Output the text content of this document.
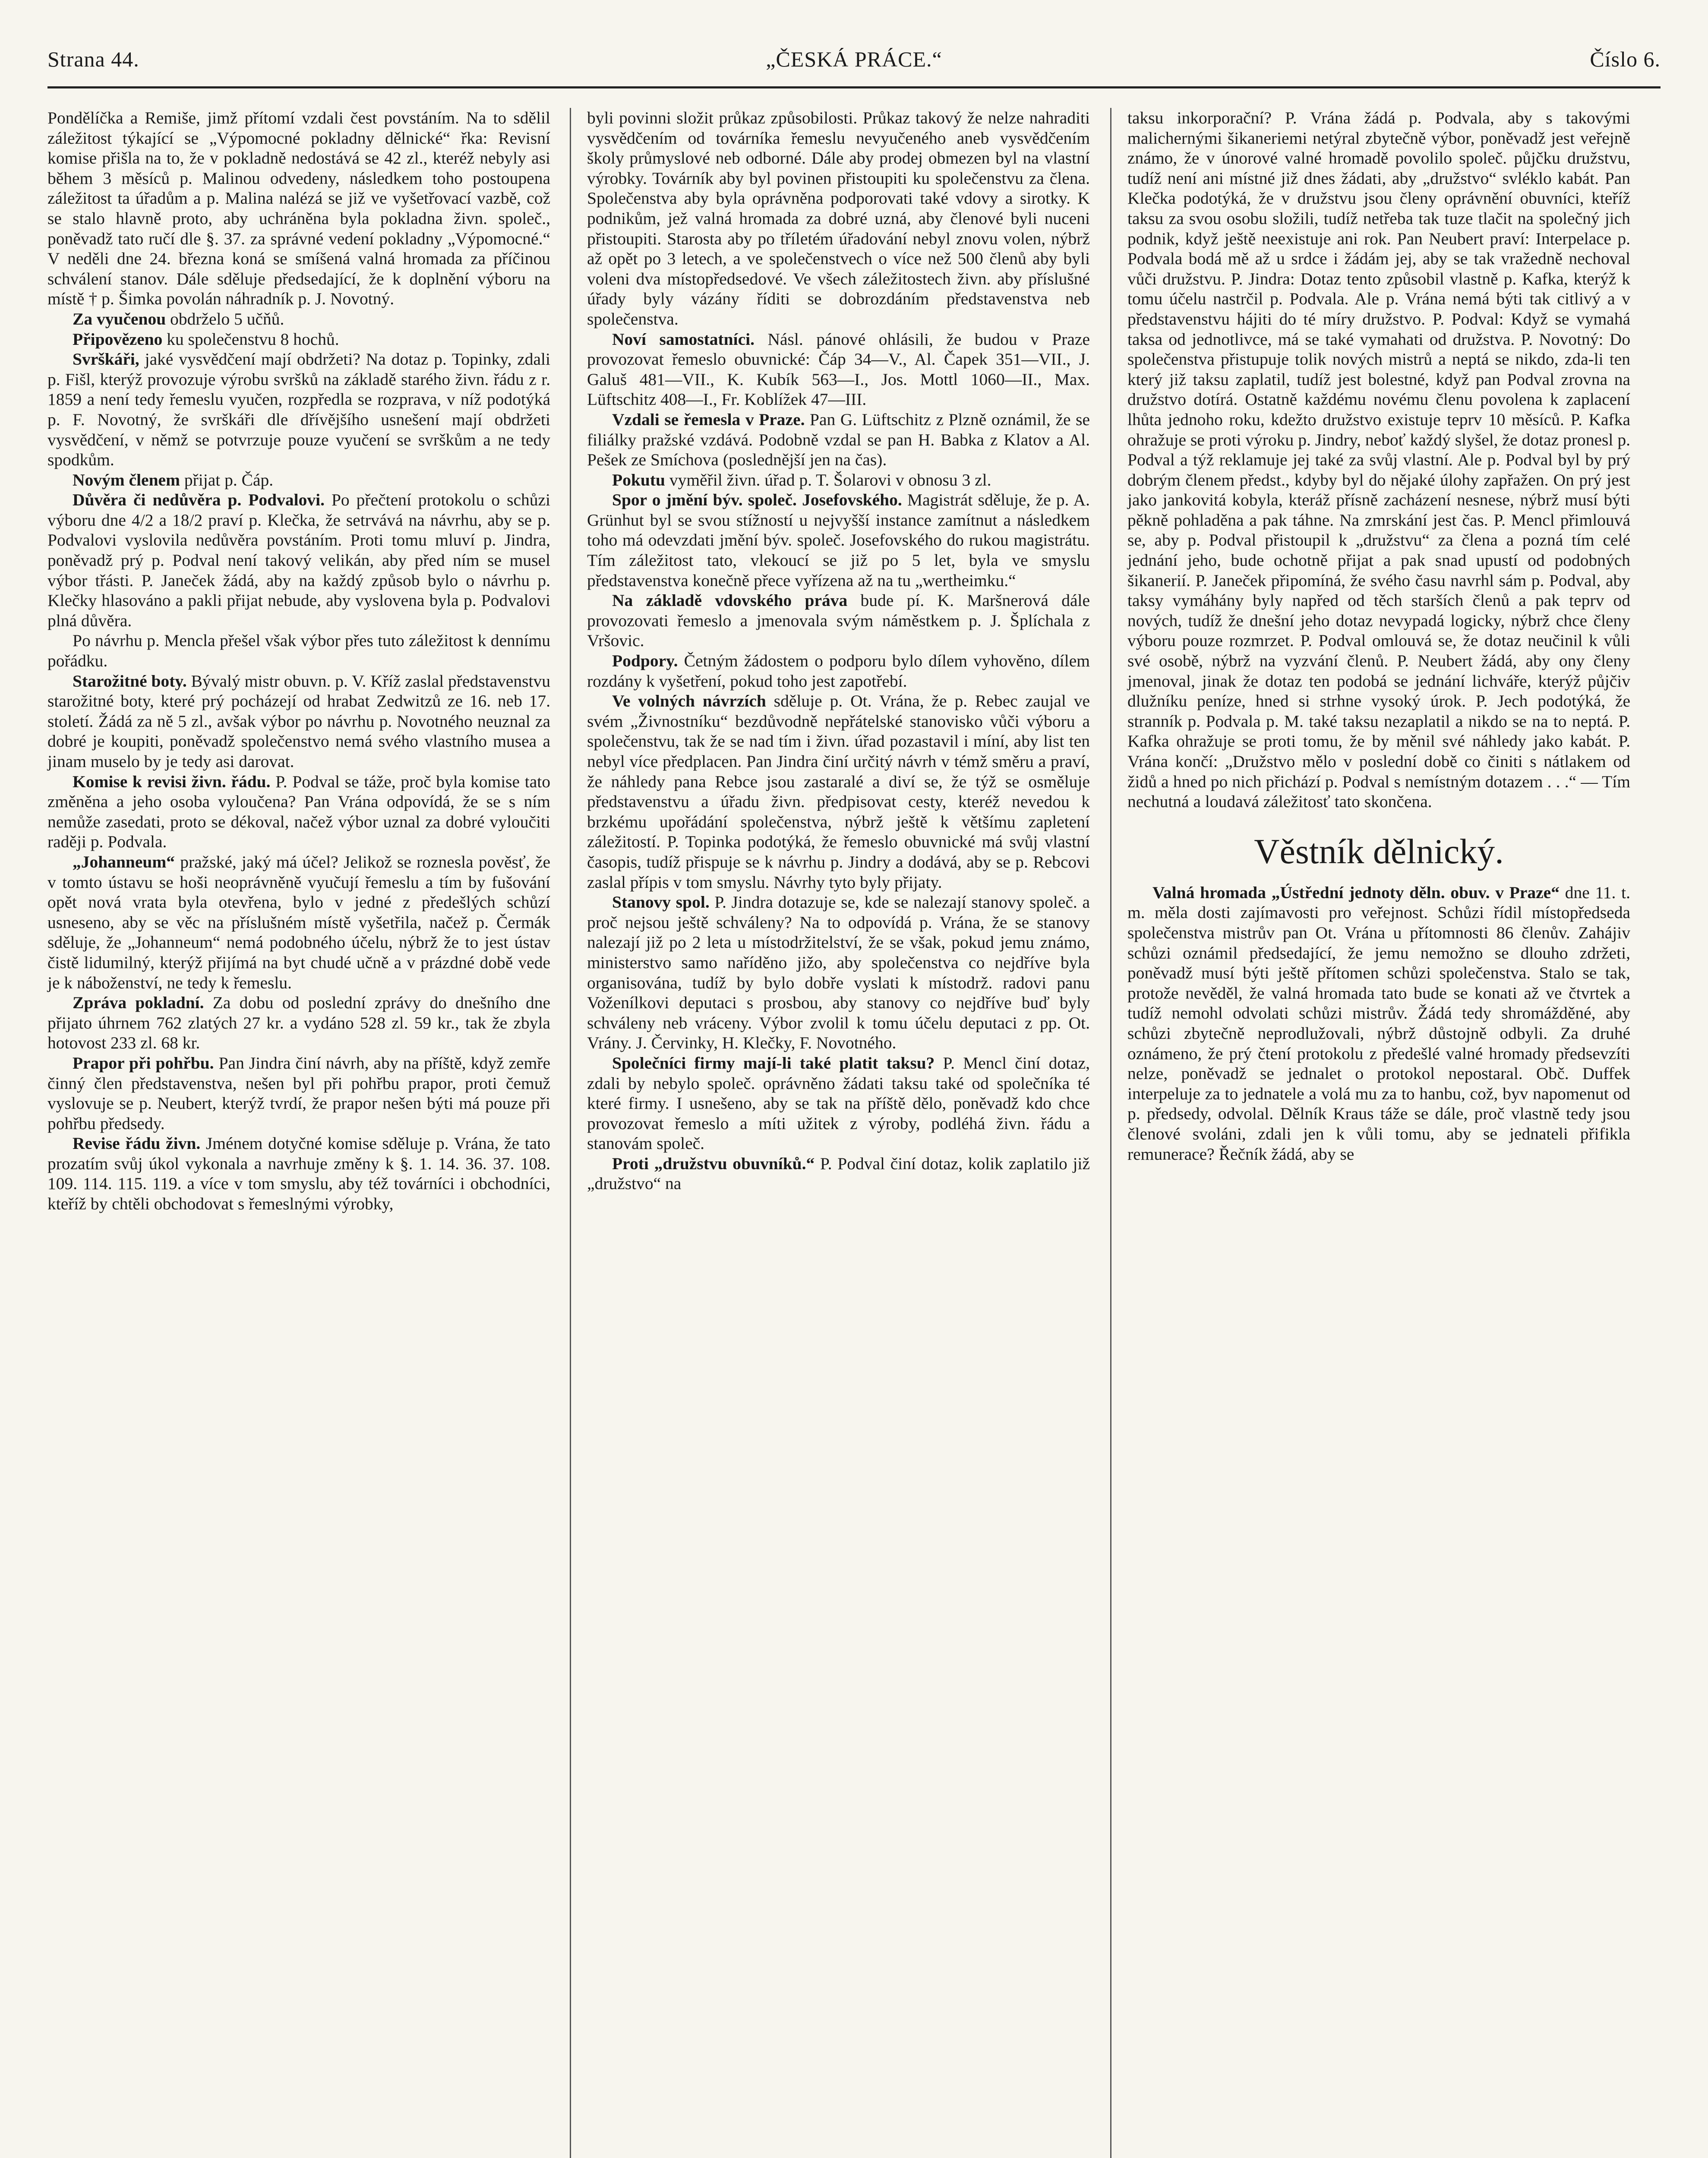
Strana 44.	„ČESKÁ PRÁCE.“	Číslo 6.

Pondělíčka a Remiše, jimž přítomí vzdali čest povstáním. Na to sdělil záležitost týkající se „Výpomocné pokladny dělnické“ řka: Revisní komise přišla na to, že v pokladně nedostává se 42 zl., kteréž nebyly asi během 3 měsíců p. Malinou odvedeny, následkem toho postoupena záležitost ta úřadům a p. Malina nalézá se již ve vyšetřovací vazbě, což se stalo hlavně proto, aby uchráněna byla pokladna živn. společ., poněvadž tato ručí dle §. 37. za správné vedení pokladny „Výpomocné.“ V neděli dne 24. března koná se smíšená valná hromada za příčinou schválení stanov. Dále sděluje předsedající, že k doplnění výboru na místě † p. Šimka povolán náhradník p. J. Novotný.

Za vyučenou obdrželo 5 učňů.

Připovězeno ku společenstvu 8 hochů.

Svrškáři, jaké vysvědčení mají obdržeti? Na dotaz p. Topinky, zdali p. Fišl, kterýž provozuje výrobu svršků na základě starého živn. řádu z r. 1859 a není tedy řemeslu vyučen, rozpředla se rozprava, v níž podotýká p. F. Novotný, že svrškáři dle dřívějšího usnešení mají obdržeti vysvědčení, v němž se potvrzuje pouze vyučení se svrškům a ne tedy spodkům.

Novým členem přijat p. Čáp.

Důvěra či nedůvěra p. Podvalovi. Po přečtení protokolu o schůzi výboru dne 4/2 a 18/2 praví p. Klečka, že setrvává na návrhu, aby se p. Podvalovi vyslovila nedůvěra povstáním. Proti tomu mluví p. Jindra, poněvadž prý p. Podval není takový velikán, aby před ním se musel výbor třásti. P. Janeček žádá, aby na každý způsob bylo o návrhu p. Klečky hlasováno a pakli přijat nebude, aby vyslovena byla p. Podvalovi plná důvěra.

Po návrhu p. Mencla přešel však výbor přes tuto záležitost k dennímu pořádku.

Starožitné boty. Bývalý mistr obuvn. p. V. Kříž zaslal představenstvu starožitné boty, které prý pocházejí od hrabat Zedwitzů ze 16. neb 17. století. Žádá za ně 5 zl., avšak výbor po návrhu p. Novotného neuznal za dobré je koupiti, poněvadž společenstvo nemá svého vlastního musea a jinam muselo by je tedy asi darovat.

Komise k revisi živn. řádu. P. Podval se táže, proč byla komise tato změněna a jeho osoba vyloučena? Pan Vrána odpovídá, že se s ním nemůže zasedati, proto se dékoval, načež výbor uznal za dobré vyloučiti raději p. Podvala.

„Johanneum“ pražské, jaký má účel? Jelikož se roznesla pověsť, že v tomto ústavu se hoši neoprávněně vyučují řemeslu a tím by fušování opět nová vrata byla otevřena, bylo v jedné z předešlých schůzí usneseno, aby se věc na příslušném místě vyšetřila, načež p. Čermák sděluje, že „Johanneum“ nemá podobného účelu, nýbrž že to jest ústav čistě lidumilný, kterýž přijímá na byt chudé učně a v prázdné době vede je k náboženství, ne tedy k řemeslu.

Zpráva pokladní. Za dobu od poslední zprávy do dnešního dne přijato úhrnem 762 zlatých 27 kr. a vydáno 528 zl. 59 kr., tak že zbyla hotovost 233 zl. 68 kr.

Prapor při pohřbu. Pan Jindra činí návrh, aby na příště, když zemře činný člen představenstva, nešen byl při pohřbu prapor, proti čemuž vyslovuje se p. Neubert, kterýž tvrdí, že prapor nešen býti má pouze při pohřbu předsedy.

Revise řádu živn. Jménem dotyčné komise sděluje p. Vrána, že tato prozatím svůj úkol vykonala a navrhuje změny k §. 1. 14. 36. 37. 108. 109. 114. 115. 119. a více v tom smyslu, aby též továrníci i obchodníci, kteříž by chtěli obchodovat s řemeslnými výrobky,

byli povinni složit průkaz způsobilosti. Průkaz takový že nelze nahraditi vysvědčením od továrníka řemeslu nevyučeného aneb vysvědčením školy průmyslové neb odborné. Dále aby prodej obmezen byl na vlastní výrobky. Továrník aby byl povinen přistoupiti ku společenstvu za člena. Společenstva aby byla oprávněna podporovati také vdovy a sirotky. K podnikům, jež valná hromada za dobré uzná, aby členové byli nuceni přistoupiti. Starosta aby po tříletém úřadování nebyl znovu volen, nýbrž až opět po 3 letech, a ve společenstvech o více než 500 členů aby byli voleni dva místopředsedové. Ve všech záležitostech živn. aby příslušné úřady byly vázány říditi se dobrozdáním představenstva neb společenstva.

Noví samostatníci. Násl. pánové ohlásili, že budou v Praze provozovat řemeslo obuvnické: Čáp 34—V., Al. Čapek 351—VII., J. Galuš 481—VII., K. Kubík 563—I., Jos. Mottl 1060—II., Max. Lüftschitz 408—I., Fr. Koblížek 47—III.

Vzdali se řemesla v Praze. Pan G. Lüftschitz z Plzně oznámil, že se filiálky pražské vzdává. Podobně vzdal se pan H. Babka z Klatov a Al. Pešek ze Smíchova (poslednější jen na čas).

Pokutu vyměřil živn. úřad p. T. Šolarovi v obnosu 3 zl.

Spor o jmění býv. společ. Josefovského. Magistrát sděluje, že p. A. Grünhut byl se svou stížností u nejvyšší instance zamítnut a následkem toho má odevzdati jmění býv. společ. Josefovského do rukou magistrátu. Tím záležitost tato, vlekoucí se již po 5 let, byla ve smyslu představenstva konečně přece vyřízena až na tu „wertheimku.“

Na základě vdovského práva bude pí. K. Maršnerová dále provozovati řemeslo a jmenovala svým náměstkem p. J. Šplíchala z Vršovic.

Podpory. Četným žádostem o podporu bylo dílem vyhověno, dílem rozdány k vyšetření, pokud toho jest zapotřebí.

Ve volných návrzích sděluje p. Ot. Vrána, že p. Rebec zaujal ve svém „Živnostníku“ bezdůvodně nepřátelské stanovisko vůči výboru a společenstvu, tak že se nad tím i živn. úřad pozastavil i míní, aby list ten nebyl více předplacen. Pan Jindra činí určitý návrh v témž směru a praví, že náhledy pana Rebce jsou zastaralé a diví se, že týž se osměluje představenstvu a úřadu živn. předpisovat cesty, kteréž nevedou k brzkému upořádání společenstva, nýbrž ještě k většímu zapletení záležitostí. P. Topinka podotýká, že řemeslo obuvnické má svůj vlastní časopis, tudíž přispuje se k návrhu p. Jindry a dodává, aby se p. Rebcovi zaslal přípis v tom smyslu. Návrhy tyto byly přijaty.

Stanovy spol. P. Jindra dotazuje se, kde se nalezají stanovy společ. a proč nejsou ještě schváleny? Na to odpovídá p. Vrána, že se stanovy nalezají již po 2 leta u místodržitelství, že se však, pokud jemu známo, ministerstvo samo naříděno jižo, aby společenstva co nejdříve byla organisována, tudíž by bylo dobře vyslati k místodrž. radovi panu Voženílkovi deputaci s prosbou, aby stanovy co nejdříve buď byly schváleny neb vráceny. Výbor zvolil k tomu účelu deputaci z pp. Ot. Vrány. J. Červinky, H. Klečky, F. Novotného.

Společníci firmy mají-li také platit taksu? P. Mencl činí dotaz, zdali by nebylo společ. oprávněno žádati taksu také od společníka té které firmy. I usnešeno, aby se tak na příště dělo, poněvadž kdo chce provozovat řemeslo a míti užitek z výroby, podléhá živn. řádu a stanovám společ.

Proti „družstvu obuvníků.“ P. Podval činí dotaz, kolik zaplatilo již „družstvo“ na

taksu inkorporační? P. Vrána žádá p. Podvala, aby s takovými malichernými šikaneriemi netýral zbytečně výbor, poněvadž jest veřejně známo, že v únorové valné hromadě povolilo společ. půjčku družstvu, tudíž není ani místné již dnes žádati, aby „družstvo“ svléklo kabát. Pan Klečka podotýká, že v družstvu jsou členy oprávnění obuvníci, kteříž taksu za svou osobu složili, tudíž netřeba tak tuze tlačit na společný jich podnik, když ještě neexistuje ani rok. Pan Neubert praví: Interpelace p. Podvala bodá mě až u srdce i žádám jej, aby se tak vražedně nechoval vůči družstvu. P. Jindra: Dotaz tento způsobil vlastně p. Kafka, kterýž k tomu účelu nastrčil p. Podvala. Ale p. Vrána nemá býti tak citlivý a v představenstvu hájiti do té míry družstvo. P. Podval: Když se vymahá taksa od jednotlivce, má se také vymahati od družstva. P. Novotný: Do společenstva přistupuje tolik nových mistrů a neptá se nikdo, zda-li ten který již taksu zaplatil, tudíž jest bolestné, když pan Podval zrovna na družstvo dotírá. Ostatně každému novému členu povolena k zaplacení lhůta jednoho roku, kdežto družstvo existuje teprv 10 měsíců. P. Kafka ohražuje se proti výroku p. Jindry, neboť každý slyšel, že dotaz pronesl p. Podval a týž reklamuje jej také za svůj vlastní. Ale p. Podval byl by prý dobrým členem předst., kdyby byl do nějaké úlohy zapřažen. On prý jest jako jankovitá kobyla, kteráž přísně zacházení nesnese, nýbrž musí býti pěkně pohladěna a pak táhne. Na zmrskání jest čas. P. Mencl přimlouvá se, aby p. Podval přistoupil k „družstvu“ za člena a pozná tím celé jednání jeho, bude ochotně přijat a pak snad upustí od podobných šikanerií. P. Janeček připomíná, že svého času navrhl sám p. Podval, aby taksy vymáhány byly napřed od těch starších členů a pak teprv od nových, tudíž že dnešní jeho dotaz nevypadá logicky, nýbrž chce členy výboru pouze rozmrzet. P. Podval omlouvá se, že dotaz neučinil k vůli své osobě, nýbrž na vyzvání členů. P. Neubert žádá, aby ony členy jmenoval, jinak že dotaz ten podobá se jednání lichváře, kterýž půjčiv dlužníku peníze, hned si strhne vysoký úrok. P. Jech podotýká, že stranník p. Podvala p. M. také taksu nezaplatil a nikdo se na to neptá. P. Kafka ohražuje se proti tomu, že by měnil své náhledy jako kabát. P. Vrána končí: „Družstvo mělo v poslední době co činiti s nátlakem od židů a hned po nich přichází p. Podval s nemístným dotazem . . .“ — Tím nechutná a loudavá záležitosť tato skončena.

Věstník dělnický.

Valná hromada „Ústřední jednoty děln. obuv. v Praze“ dne 11. t. m. měla dosti zajímavosti pro veřejnost. Schůzi řídil místopředseda společenstva mistrův pan Ot. Vrána u přítomnosti 86 členův. Zahájiv schůzi oznámil předsedající, že jemu nemožno se dlouho zdržeti, poněvadž musí býti ještě přítomen schůzi společenstva. Stalo se tak, protože nevěděl, že valná hromada tato bude se konati až ve čtvrtek a tudíž nemohl odvolati schůzi mistrův. Žádá tedy shromážděné, aby schůzi zbytečně neprodlužovali, nýbrž důstojně odbyli. Za druhé oznámeno, že prý čtení protokolu z předešlé valné hromady předsevzíti nelze, poněvadž se jednalet o protokol nepostaral. Obč. Duffek interpeluje za to jednatele a volá mu za to hanbu, což, byv napomenut od p. předsedy, odvolal. Dělník Kraus táže se dále, proč vlastně tedy jsou členové svoláni, zdali jen k vůli tomu, aby se jednateli přifikla remunerace? Řečník žádá, aby se
